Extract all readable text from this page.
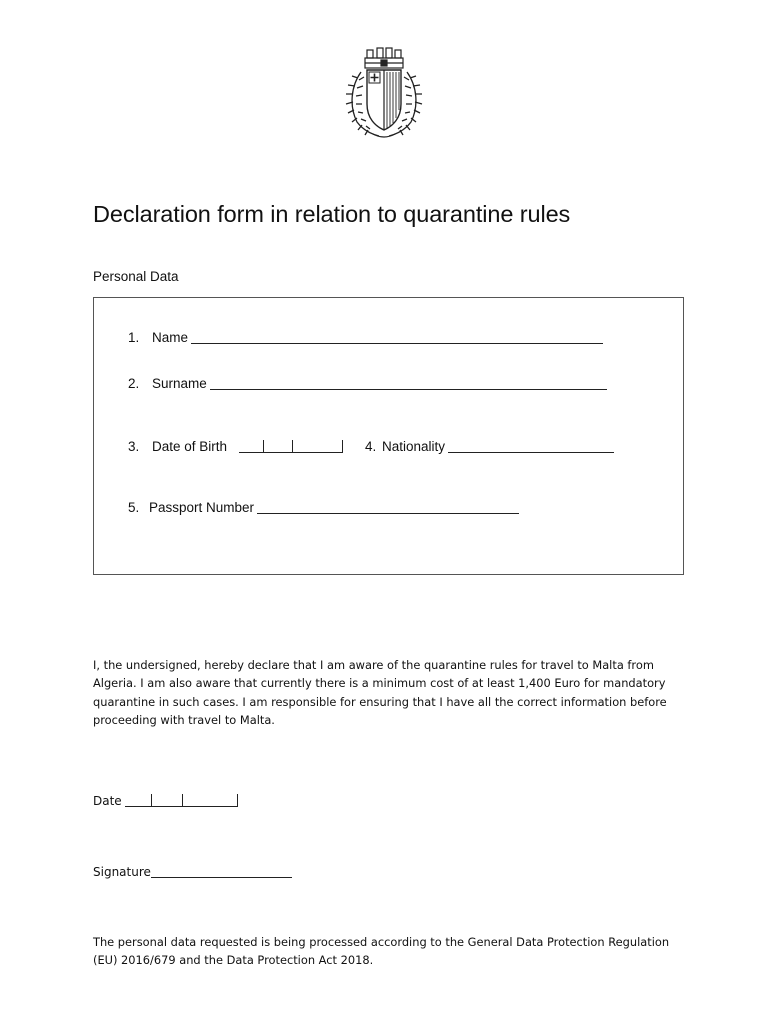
Declaration form in relation to quarantine rules
Personal Data
1. Name
2. Surname
3. Date of Birth	4. Nationality
5. Passport Number

I, the undersigned, hereby declare that I am aware of the quarantine rules for travel to Malta from Algeria. I am also aware that currently there is a minimum cost of at least 1,400 Euro for mandatory quarantine in such cases. I am responsible for ensuring that I have all the correct information before proceeding with travel to Malta.

Date
Signature

The personal data requested is being processed according to the General Data Protection Regulation (EU) 2016/679 and the Data Protection Act 2018.
